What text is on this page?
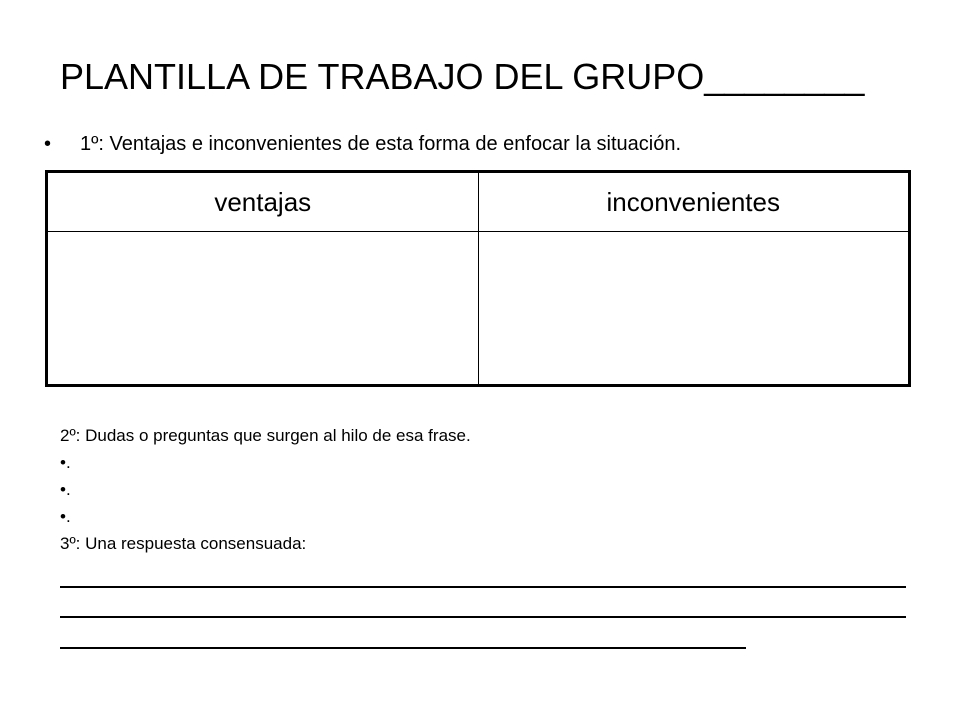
PLANTILLA DE TRABAJO DEL GRUPO________
• 1º: Ventajas e inconvenientes de esta forma de enfocar la situación.
ventajas	inconvenientes

2º: Dudas o preguntas que surgen al hilo de esa frase.
•.
•.
•.
3º: Una respuesta consensuada:
